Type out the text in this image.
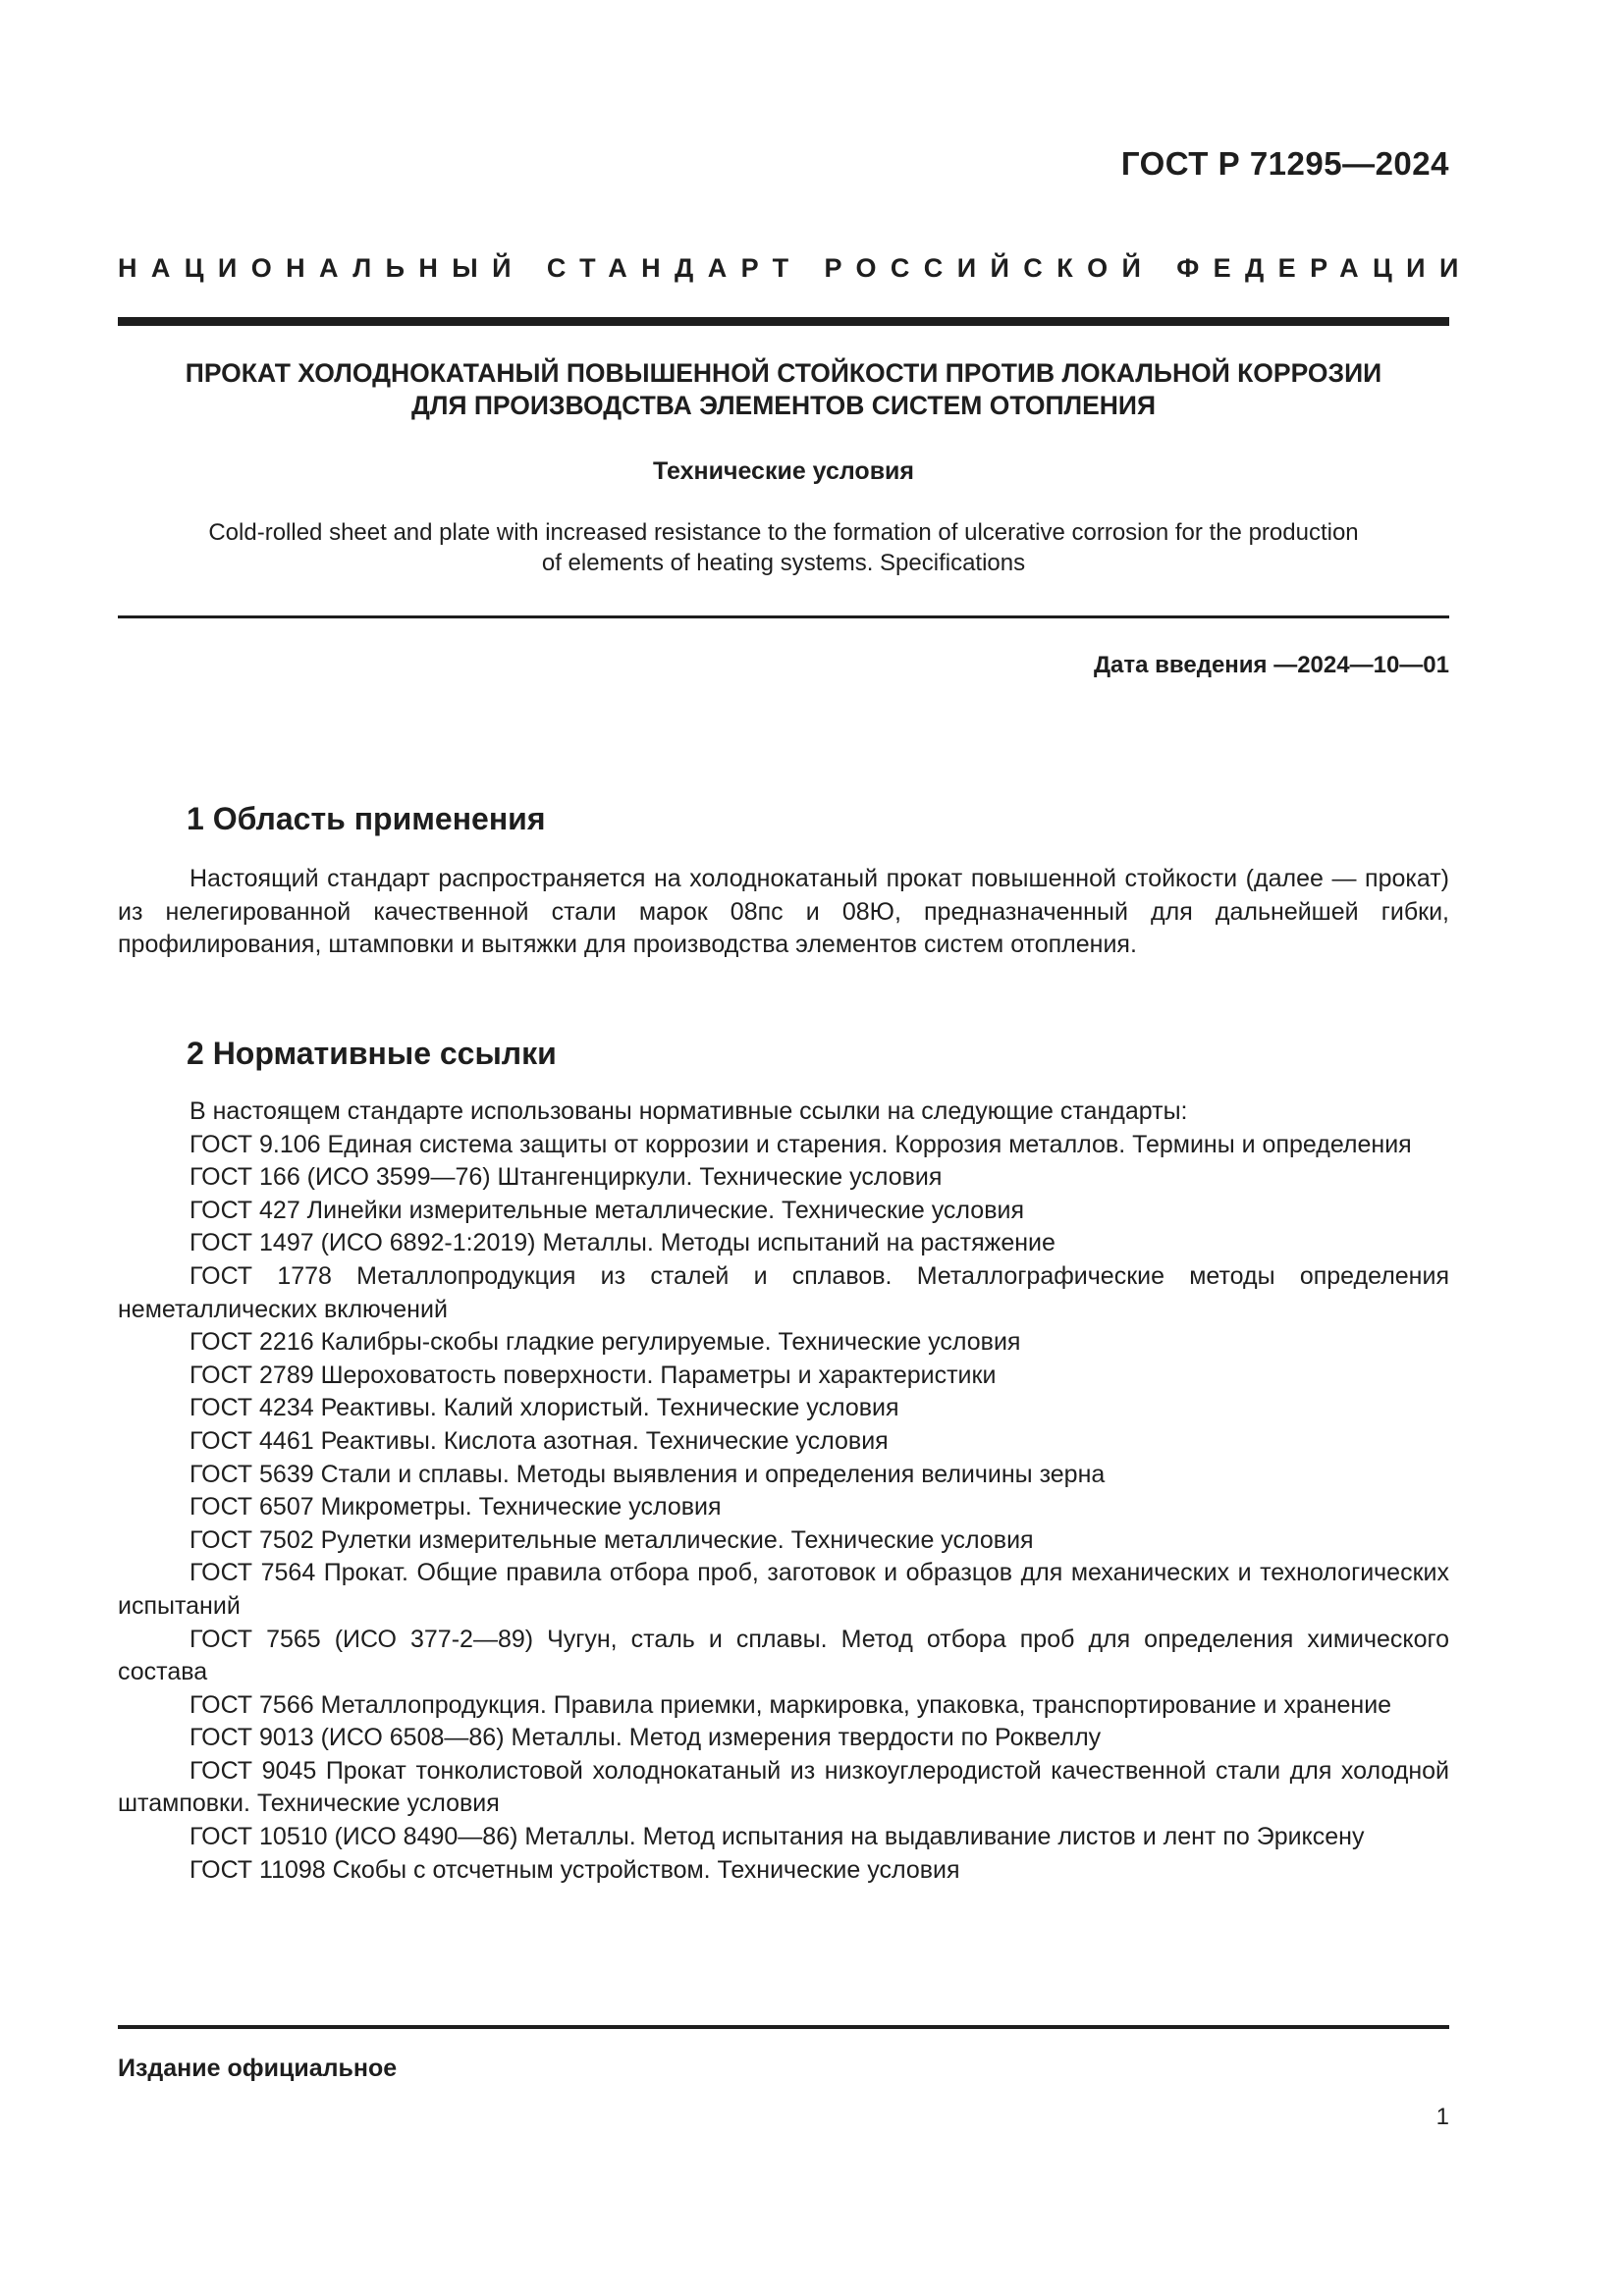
ГОСТ Р 71295—2024
НАЦИОНАЛЬНЫЙ СТАНДАРТ РОССИЙСКОЙ ФЕДЕРАЦИИ
ПРОКАТ ХОЛОДНОКАТАНЫЙ ПОВЫШЕННОЙ СТОЙКОСТИ ПРОТИВ ЛОКАЛЬНОЙ КОРРОЗИИ
ДЛЯ ПРОИЗВОДСТВА ЭЛЕМЕНТОВ СИСТЕМ ОТОПЛЕНИЯ
Технические условия
Cold-rolled sheet and plate with increased resistance to the formation of ulcerative corrosion for the production
of elements of heating systems. Specifications
Дата введения —2024—10—01
1 Область применения
Настоящий стандарт распространяется на холоднокатаный прокат повышенной стойкости (далее — прокат) из нелегированной качественной стали марок 08пс и 08Ю, предназначенный для дальнейшей гибки, профилирования, штамповки и вытяжки для производства элементов систем отопления.
2 Нормативные ссылки
В настоящем стандарте использованы нормативные ссылки на следующие стандарты:
ГОСТ 9.106 Единая система защиты от коррозии и старения. Коррозия металлов. Термины и определения
ГОСТ 166 (ИСО 3599—76) Штангенциркули. Технические условия
ГОСТ 427 Линейки измерительные металлические. Технические условия
ГОСТ 1497 (ИСО 6892-1:2019) Металлы. Методы испытаний на растяжение
ГОСТ 1778 Металлопродукция из сталей и сплавов. Металлографические методы определения неметаллических включений
ГОСТ 2216 Калибры-скобы гладкие регулируемые. Технические условия
ГОСТ 2789 Шероховатость поверхности. Параметры и характеристики
ГОСТ 4234 Реактивы. Калий хлористый. Технические условия
ГОСТ 4461 Реактивы. Кислота азотная. Технические условия
ГОСТ 5639 Стали и сплавы. Методы выявления и определения величины зерна
ГОСТ 6507 Микрометры. Технические условия
ГОСТ 7502 Рулетки измерительные металлические. Технические условия
ГОСТ 7564 Прокат. Общие правила отбора проб, заготовок и образцов для механических и технологических испытаний
ГОСТ 7565 (ИСО 377-2—89) Чугун, сталь и сплавы. Метод отбора проб для определения химического состава
ГОСТ 7566 Металлопродукция. Правила приемки, маркировка, упаковка, транспортирование и хранение
ГОСТ 9013 (ИСО 6508—86) Металлы. Метод измерения твердости по Роквеллу
ГОСТ 9045 Прокат тонколистовой холоднокатаный из низкоуглеродистой качественной стали для холодной штамповки. Технические условия
ГОСТ 10510 (ИСО 8490—86) Металлы. Метод испытания на выдавливание листов и лент по Эриксену
ГОСТ 11098 Скобы с отсчетным устройством. Технические условия
Издание официальное
1
